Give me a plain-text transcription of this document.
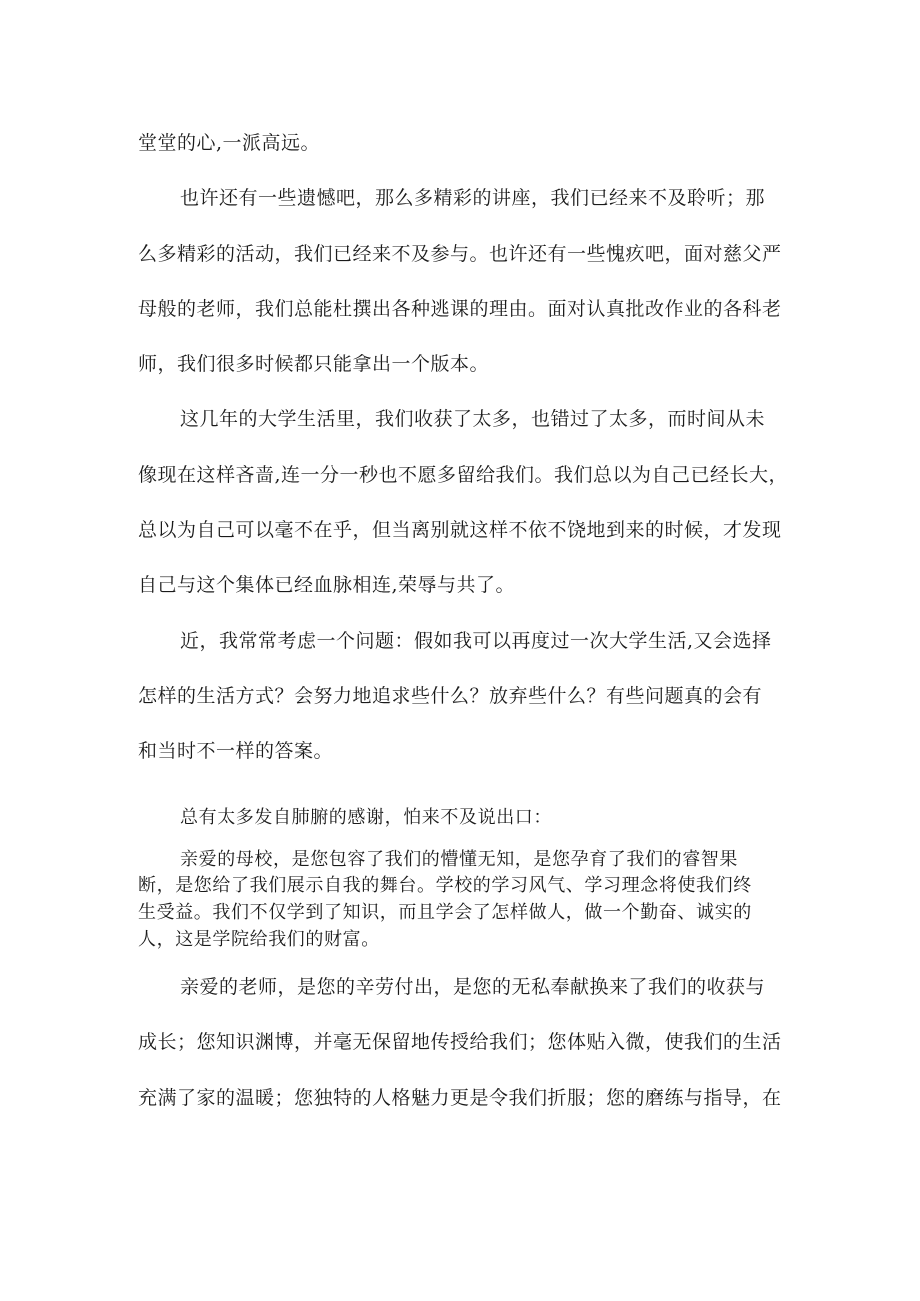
堂堂的心,一派高远。
也许还有一些遗憾吧，那么多精彩的讲座，我们已经来不及聆听；那
么多精彩的活动，我们已经来不及参与。也许还有一些愧疚吧，面对慈父严
母般的老师，我们总能杜撰出各种逃课的理由。面对认真批改作业的各科老
师，我们很多时候都只能拿出一个版本。
这几年的大学生活里，我们收获了太多，也错过了太多，而时间从未
像现在这样吝啬,连一分一秒也不愿多留给我们。我们总以为自己已经长大，
总以为自己可以毫不在乎，但当离别就这样不依不饶地到来的时候，才发现
自己与这个集体已经血脉相连,荣辱与共了。
近，我常常考虑一个问题：假如我可以再度过一次大学生活,又会选择
怎样的生活方式？会努力地追求些什么？放弃些什么？有些问题真的会有
和当时不一样的答案。
总有太多发自肺腑的感谢，怕来不及说出口：
亲爱的母校，是您包容了我们的懵懂无知，是您孕育了我们的睿智果
断，是您给了我们展示自我的舞台。学校的学习风气、学习理念将使我们终
生受益。我们不仅学到了知识，而且学会了怎样做人，做一个勤奋、诚实的
人，这是学院给我们的财富。
亲爱的老师，是您的辛劳付出，是您的无私奉献换来了我们的收获与
成长；您知识渊博，并毫无保留地传授给我们；您体贴入微，使我们的生活
充满了家的温暖；您独特的人格魅力更是令我们折服；您的磨练与指导，在
